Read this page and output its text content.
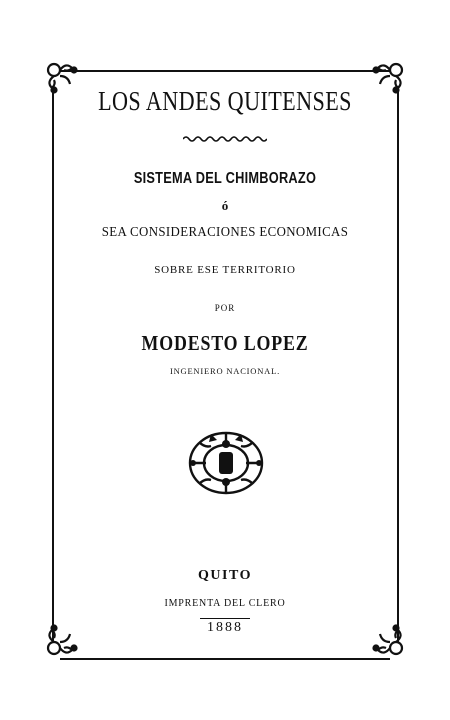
LOS ANDES QUITENSES
SISTEMA DEL CHIMBORAZO
ó
SEA CONSIDERACIONES ECONOMICAS
SOBRE ESE TERRITORIO
POR
MODESTO LOPEZ
INGENIERO NACIONAL.
QUITO
IMPRENTA DEL CLERO
1888
